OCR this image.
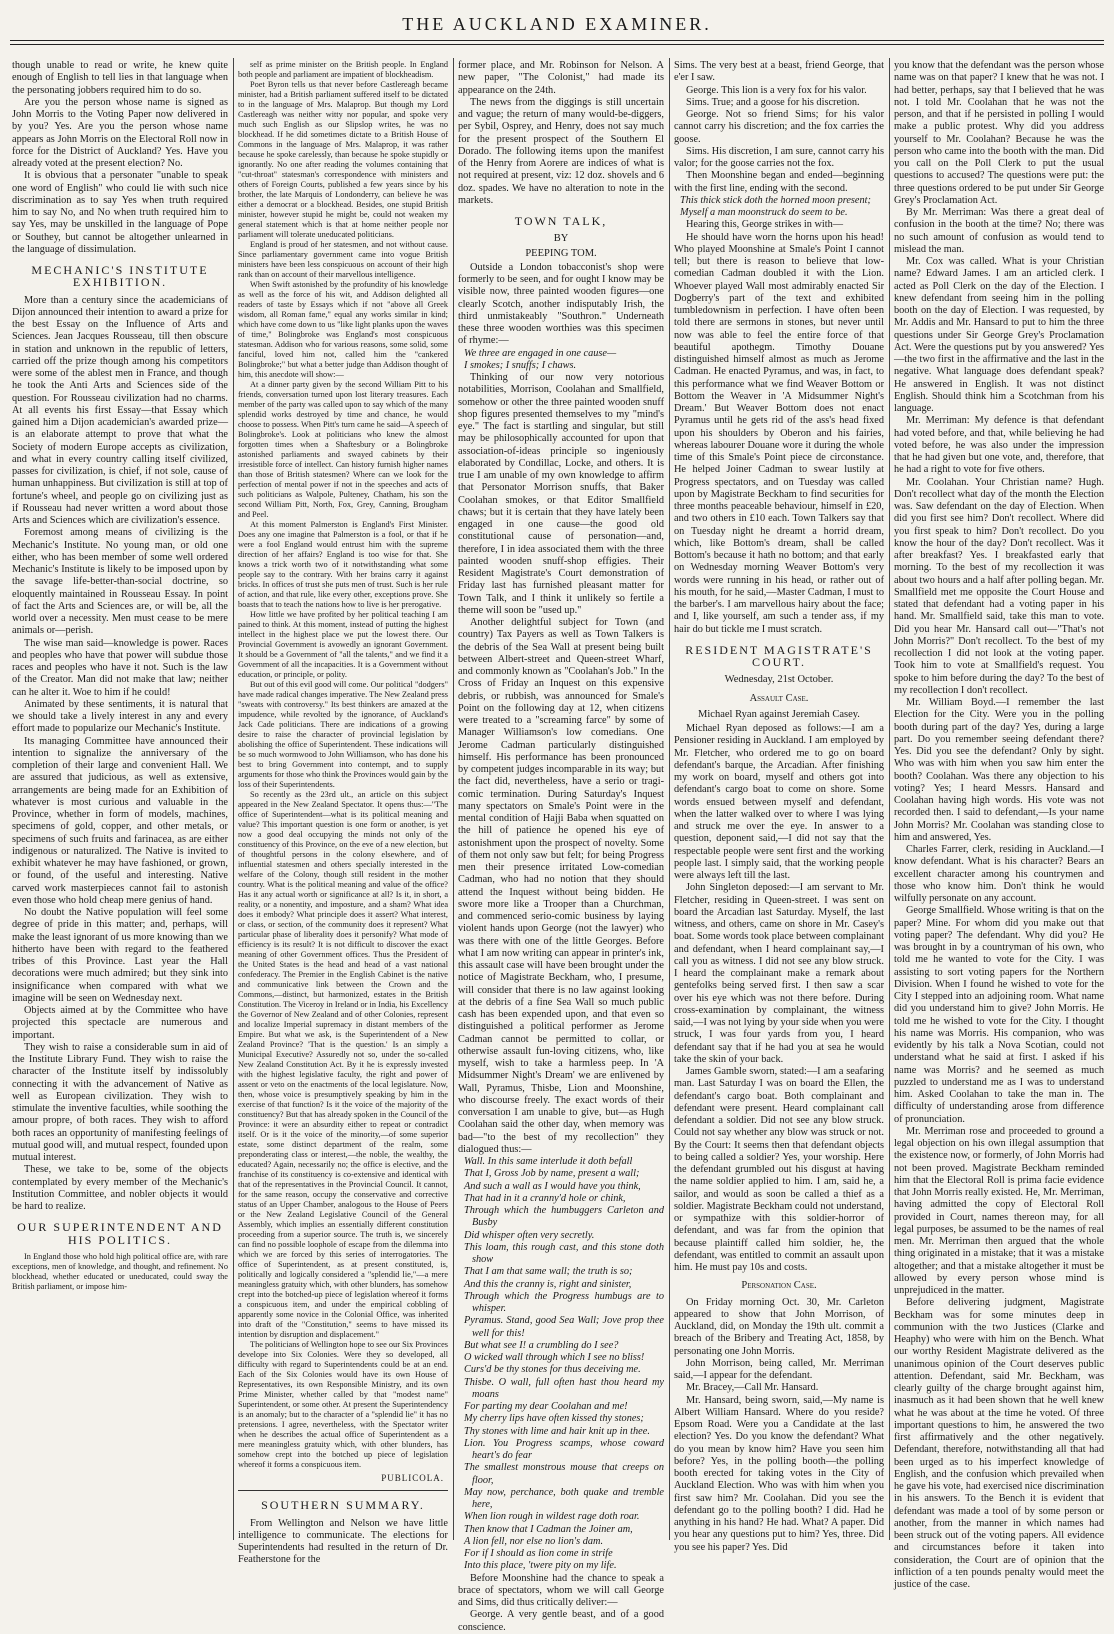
THE AUCKLAND EXAMINER.

though unable to read or write, he knew quite enough of English to tell lies in that language when the personating jobbers required him to do so.

Are you the person whose name is signed as John Morris to the Voting Paper now delivered in by you? Yes. Are you the person whose name appears as John Morris on the Electoral Roll now in force for the District of Auckland? Yes. Have you already voted at the present election? No.

It is obvious that a personater "unable to speak one word of English" who could lie with such nice discrimination as to say Yes when truth required him to say No, and No when truth required him to say Yes, may be unskilled in the language of Pope or Southey, but cannot be altogether unlearned in the language of dissimulation.

MECHANIC'S INSTITUTE EXHIBITION.

More than a century since the academicians of Dijon announced their intention to award a prize for the best Essay on the Influence of Arts and Sciences. Jean Jacques Rousseau, till then obscure in station and unknown in the republic of letters, carried off the prize though among his competitors were some of the ablest men in France, and though he took the Anti Arts and Sciences side of the question. For Rousseau civilization had no charms. At all events his first Essay—that Essay which gained him a Dijon academician's awarded prize—is an elaborate attempt to prove that what the Society of modern Europe accepts as civilization, and what in every country calling itself civilized, passes for civilization, is chief, if not sole, cause of human unhappiness. But civilization is still at top of fortune's wheel, and people go on civilizing just as if Rousseau had never written a word about those Arts and Sciences which are civilization's essence.

Foremost among means of civilizing is the Mechanic's Institute. No young man, or old one either, who has been member of some well ordered Mechanic's Institute is likely to be imposed upon by the savage life-better-than-social doctrine, so eloquently maintained in Rousseau Essay. In point of fact the Arts and Sciences are, or will be, all the world over a necessity. Men must cease to be mere animals or—perish.

The wise man said—knowledge is power. Races and peoples who have that power will subdue those races and peoples who have it not. Such is the law of the Creator. Man did not make that law; neither can he alter it. Woe to him if he could!

Animated by these sentiments, it is natural that we should take a lively interest in any and every effort made to popularize our Mechanic's Institute.

Its managing Committee have announced their intention to signalize the anniversary of the completion of their large and convenient Hall. We are assured that judicious, as well as extensive, arrangements are being made for an Exhibition of whatever is most curious and valuable in the Province, whether in form of models, machines, specimens of gold, copper, and other metals, or specimens of such fruits and farinacea, as are either indigenous or naturalized. The Native is invited to exhibit whatever he may have fashioned, or grown, or found, of the useful and interesting. Native carved work masterpieces cannot fail to astonish even those who hold cheap mere genius of hand.

No doubt the Native population will feel some degree of pride in this matter; and, perhaps, will make the least ignorant of us more knowing than we hitherto have been with regard to the feathered tribes of this Province. Last year the Hall decorations were much admired; but they sink into insignificance when compared with what we imagine will be seen on Wednesday next.

Objects aimed at by the Committee who have projected this spectacle are numerous and important.

They wish to raise a considerable sum in aid of the Institute Library Fund. They wish to raise the character of the Institute itself by indissolubly connecting it with the advancement of Native as well as European civilization. They wish to stimulate the inventive faculties, while soothing the amour propre, of both races. They wish to afford both races an opportunity of manifesting feelings of mutual good will, and mutual respect, founded upon mutual interest.

These, we take to be, some of the objects contemplated by every member of the Mechanic's Institution Committee, and nobler objects it would be hard to realize.

OUR SUPERINTENDENT AND HIS POLITICS.

In England those who hold high political office are, with rare exceptions, men of knowledge, and thought, and refinement. No blockhead, whether educated or uneducated, could sway the British parliament, or impose him-

self as prime minister on the British people. In England both people and parliament are impatient of blockheadism.

Poet Byron tells us that never before Castlereagh became minister, had a British parliament suffered itself to be dictated to in the language of Mrs. Malaprop. But though my Lord Castlereagh was neither witty nor popular, and spoke very much such English as our Slipslop writes, he was no blockhead. If he did sometimes dictate to a British House of Commons in the language of Mrs. Malaprop, it was rather because he spoke carelessly, than because he spoke stupidly or ignorantly. No one after reading the volumes containing that "cut-throat" statesman's correspondence with ministers and others of Foreign Courts, published a few years since by his brother, the late Marquis of Londonderry, can believe he was either a democrat or a blockhead. Besides, one stupid British minister, however stupid he might be, could not weaken my general statement which is that at home neither people nor parliament will tolerate uneducated politicians.

England is proud of her statesmen, and not without cause. Since parliamentary government came into vogue British ministers have been less conspicuous on account of their high rank than on account of their marvellous intelligence.

When Swift astonished by the profundity of his knowledge as well as the force of his wit, and Addison delighted all readers of taste by Essays which if not "above all Greek wisdom, all Roman fame," equal any works similar in kind; which have come down to us "like light planks upon the waves of time," Bolingbroke was England's most conspicuous statesman. Addison who for various reasons, some solid, some fanciful, loved him not, called him the "cankered Bolingbroke;" but what a better judge than Addison thought of him, this anecdote will show:—

At a dinner party given by the second William Pitt to his friends, conversation turned upon lost literary treasures. Each member of the party was called upon to say which of the many splendid works destroyed by time and chance, he would choose to possess. When Pitt's turn came he said—A speech of Bolingbroke's. Look at politicians who knew the almost forgotten times when a Shaftesbury or a Bolingbroke astonished parliaments and swayed cabinets by their irresistible force of intellect. Can history furnish higher names than those of British statesmen? Where can we look for the perfection of mental power if not in the speeches and acts of such politicians as Walpole, Pulteney, Chatham, his son the second William Pitt, North, Fox, Grey, Canning, Brougham and Peel.

At this moment Palmerston is England's First Minister. Does any one imagine that Palmerston is a fool, or that if he were a fool England would entrust him with the supreme direction of her affairs? England is too wise for that. She knows a trick worth two of it notwithstanding what some people say to the contrary. With her brains carry it against bricks. In offices of trust she puts men of trust. Such is her rule of action, and that rule, like every other, exceptions prove. She boasts that to teach the nations how to live is her prerogative.

How little we have profited by her political teaching I am pained to think. At this moment, instead of putting the highest intellect in the highest place we put the lowest there. Our Provincial Government is avowedly an ignorant Government. It should be a Government of "all the talents," and we find it a Government of all the incapacities. It is a Government without education, or principle, or polity.

But out of this evil good will come. Our political "dodgers" have made radical changes imperative. The New Zealand press "sweats with controversy." Its best thinkers are amazed at the impudence, while revolted by the ignorance, of Auckland's Jack Cade politicians. There are indications of a growing desire to raise the character of provincial legislation by abolishing the office of Superintendent. These indications will be so much wormwood to John Williamson, who has done his best to bring Government into contempt, and to supply arguments for those who think the Provinces would gain by the loss of their Superintendents.

So recently as the 23rd ult., an article on this subject appeared in the New Zealand Spectator. It opens thus:—"The office of Superintendent—what is its political meaning and value? This important question is one form or another, is yet now a good deal occupying the minds not only of the constituency of this Province, on the eve of a new election, but of thoughtful persons in the colony elsewhere, and of influential statesmen and others specially interested in the welfare of the Colony, though still resident in the mother country. What is the political meaning and value of the office? Has it any actual worth or significance at all? Is it, in short, a reality, or a nonentity, and imposture, and a sham? What idea does it embody? What principle does it assert? What interest, or class, or section, of the community does it represent? What particular phase of liberality does it personify? What mode of efficiency is its result? It is not difficult to discover the exact meaning of other Government offices. Thus the President of the United States is the head and head of a vast national confederacy. The Premier in the English Cabinet is the native and communicative link between the Crown and the Commons,—distinct, but harmonized, estates in the British Constitution. The Viceroy in Ireland or in India, his Excellency the Governor of New Zealand and of other Colonies, represent and localize Imperial supremacy in distant members of the Empire. But what we ask, is the Superintendent of a New Zealand Province? 'That is the question.' Is an simply a Municipal Executive? Assuredly not so, under the so-called New Zealand Constitution Act. By it he is expressly invested with the highest legislative faculty, the right and power of assent or veto on the enactments of the local legislature. Now, then, whose voice is presumptively speaking by him in the exercise of that function? Is it the voice of the majority of the constituency? But that has already spoken in the Council of the Province: it were an absurdity either to repeat or contradict itself. Or is it the voice of the minority,—of some superior estate, some distinct department of the realm, some preponderating class or interest,—the noble, the wealthy, the educated? Again, necessarily no; the office is elective, and the franchise of its constituency is co-extensive and identical with that of the representatives in the Provincial Council. It cannot, for the same reason, occupy the conservative and corrective status of an Upper Chamber, analogous to the House of Peers or the New Zealand Legislative Council of the General Assembly, which implies an essentially different constitution proceeding from a superior source. The truth is, we sincerely can find no possible loophole of escape from the dilemma into which we are forced by this series of interrogatories. The office of Superintendent, as at present constituted, is, politically and logically considered a "splendid lie,"—a mere meaningless gratuity which, with other blunders, has somehow crept into the botched-up piece of legislation whereof it forms a conspicuous item, and under the empirical cobbling of apparently some novice in the Colonial Office, was inherited into draft of the "Constitution," seems to have missed its intention by disruption and displacement."

The politicians of Wellington hope to see our Six Provinces develope into Six Colonies. Were they so developed, all difficulty with regard to Superintendents could be at an end. Each of the Six Colonies would have its own House of Representatives, its own Responsible Ministry, and its own Prime Minister, whether called by that "modest name" Superintendent, or some other. At present the Superintendency is an anomaly; but to the character of a "splendid lie" it has no pretensions. I agree, nevertheless, with the Spectator writer when he describes the actual office of Superintendent as a mere meaningless gratuity which, with other blunders, has somehow crept into the botched up piece of legislation whereof it forms a conspicuous item.

PUBLICOLA.
SOUTHERN SUMMARY.

From Wellington and Nelson we have little intelligence to communicate. The elections for Superintendents had resulted in the return of Dr. Featherstone for the

former place, and Mr. Robinson for Nelson. A new paper, "The Colonist," had made its appearance on the 24th.

The news from the diggings is still uncertain and vague; the return of many would-be-diggers, per Sybil, Osprey, and Henry, does not say much for the present prospect of the Southern El Dorado. The following items upon the manifest of the Henry from Aorere are indices of what is not required at present, viz: 12 doz. shovels and 6 doz. spades. We have no alteration to note in the markets.

TOWN TALK,
BY
PEEPING TOM.

Outside a London tobacconist's shop were formerly to be seen, and for ought I know may be visible now, three painted wooden figures—one clearly Scotch, another indisputably Irish, the third unmistakeably "Southron." Underneath these three wooden worthies was this specimen of rhyme:—

We three are engaged in one cause—

I smokes; I snuffs; I chaws.

Thinking of our now very notorious notabilities, Morrison, Coolahan and Smallfield, somehow or other the three painted wooden snuff shop figures presented themselves to my "mind's eye." The fact is startling and singular, but still may be philosophically accounted for upon that association-of-ideas principle so ingeniously elaborated by Condillac, Locke, and others. It is true I am unable of my own knowledge to affirm that Personator Morrison snuffs, that Baker Coolahan smokes, or that Editor Smallfield chaws; but it is certain that they have lately been engaged in one cause—the good old constitutional cause of personation—and, therefore, I in idea associated them with the three painted wooden snuff-shop effigies. Their Resident Magistrate's Court demonstration of Friday last has furnished pleasant matter for Town Talk, and I think it unlikely so fertile a theme will soon be "used up."

Another delightful subject for Town (and country) Tax Payers as well as Town Talkers is the debris of the Sea Wall at present being built between Albert-street and Queen-street Wharf, and commonly known as "Coolahan's Job." In the Cross of Friday an Inquest on this expensive debris, or rubbish, was announced for Smale's Point on the following day at 12, when citizens were treated to a "screaming farce" by some of Manager Williamson's low comedians. One Jerome Cadman particularly distinguished himself. His performance has been pronounced by competent judges incomparable in its way; but the fact did, nevertheless, have a serio or tragi-comic termination. During Saturday's Inquest many spectators on Smale's Point were in the mental condition of Hajji Baba when squatted on the hill of patience he opened his eye of astonishment upon the prospect of novelty. Some of them not only saw but felt; for being Progress men their presence irritated Low-comedian Cadman, who had no notion that they should attend the Inquest without being bidden. He swore more like a Trooper than a Churchman, and commenced serio-comic business by laying violent hands upon George (not the lawyer) who was there with one of the little Georges. Before what I am now writing can appear in printer's ink, this assault case will have been brought under the notice of Magistrate Beckham, who, I presume, will consider that there is no law against looking at the debris of a fine Sea Wall so much public cash has been expended upon, and that even so distinguished a political performer as Jerome Cadman cannot be permitted to collar, or otherwise assault fun-loving citizens, who, like myself, wish to take a harmless peep. In 'A Midsummer Night's Dream' we are enlivened by Wall, Pyramus, Thisbe, Lion and Moonshine, who discourse freely. The exact words of their conversation I am unable to give, but—as Hugh Coolahan said the other day, when memory was bad—"to the best of my recollection" they dialogued thus:—

Wall. In this same interlude it doth befall

That I, Gross Job by name, present a wall;

And such a wall as I would have you think,

That had in it a cranny'd hole or chink,

Through which the humbuggers Carleton and Busby

Did whisper often very secretly.

This loam, this rough cast, and this stone doth show

That I am that same wall; the truth is so;

And this the cranny is, right and sinister,

Through which the Progress humbugs are to whisper.

Pyramus. Stand, good Sea Wall; Jove prop thee well for this!

But what see I! a crumbling do I see?

O wicked wall through which I see no bliss!

Curs'd be thy stones for thus deceiving me.

Thisbe. O wall, full often hast thou heard my moans

For parting my dear Coolahan and me!

My cherry lips have often kissed thy stones;

Thy stones with lime and hair knit up in thee.

Lion. You Progress scamps, whose coward heart's do fear

The smallest monstrous mouse that creeps on floor,

May now, perchance, both quake and tremble here,

When lion rough in wildest rage doth roar.

Then know that I Cadman the Joiner am,

A lion fell, nor else no lion's dam.

For if I should as lion come in strife

Into this place, 'twere pity on my life.

Before Moonshine had the chance to speak a brace of spectators, whom we will call George and Sims, did thus critically deliver:—

George. A very gentle beast, and of a good conscience.

Sims. The very best at a beast, friend George, that e'er I saw.

George. This lion is a very fox for his valor.

Sims. True; and a goose for his discretion.

George. Not so friend Sims; for his valor cannot carry his discretion; and the fox carries the goose.

Sims. His discretion, I am sure, cannot carry his valor; for the goose carries not the fox.

Then Moonshine began and ended—beginning with the first line, ending with the second.

This thick stick doth the horned moon present;

Myself a man moonstruck do seem to be.

Hearing this, George strikes in with—

He should have worn the horns upon his head! Who played Moonshine at Smale's Point I cannot tell; but there is reason to believe that low-comedian Cadman doubled it with the Lion. Whoever played Wall most admirably enacted Sir Dogberry's part of the text and exhibited tumbledownism in perfection. I have often been told there are sermons in stones, but never until now was able to feel the entire force of that beautiful apothegm. Timothy Douane distinguished himself almost as much as Jerome Cadman. He enacted Pyramus, and was, in fact, to this performance what we find Weaver Bottom or Bottom the Weaver in 'A Midsummer Night's Dream.' But Weaver Bottom does not enact Pyramus until he gets rid of the ass's head fixed upon his shoulders by Oberon and his fairies, whereas labourer Douane wore it during the whole time of this Smale's Point piece de circonstance. He helped Joiner Cadman to swear lustily at Progress spectators, and on Tuesday was called upon by Magistrate Beckham to find securities for three months peaceable behaviour, himself in £20, and two others in £10 each. Town Talkers say that on Tuesday night he dreamt a horrid dream, which, like Bottom's dream, shall be called Bottom's because it hath no bottom; and that early on Wednesday morning Weaver Bottom's very words were running in his head, or rather out of his mouth, for he said,—Master Cadman, I must to the barber's. I am marvellous hairy about the face; and I, like yourself, am such a tender ass, if my hair do but tickle me I must scratch.

RESIDENT MAGISTRATE'S COURT.
Wednesday, 21st October.
Assault Case.
Michael Ryan against Jeremiah Casey.

Michael Ryan deposed as follows:—I am a Pensioner residing in Auckland. I am employed by Mr. Fletcher, who ordered me to go on board defendant's barque, the Arcadian. After finishing my work on board, myself and others got into defendant's cargo boat to come on shore. Some words ensued between myself and defendant, when the latter walked over to where I was lying and struck me over the eye. In answer to a question, deponent said,—I did not say that the respectable people were sent first and the working people last. I simply said, that the working people were always left till the last.

John Singleton deposed:—I am servant to Mr. Fletcher, residing in Queen-street. I was sent on board the Arcadian last Saturday. Myself, the last witness, and others, came on shore in Mr. Casey's boat. Some words took place between complainant and defendant, when I heard complainant say,—I call you as witness. I did not see any blow struck. I heard the complainant make a remark about gentefolks being served first. I then saw a scar over his eye which was not there before. During cross-examination by complainant, the witness said,—I was not lying by your side when you were struck, I was four yards from you, I heard defendant say that if he had you at sea he would take the skin of your back.

James Gamble sworn, stated:—I am a seafaring man. Last Saturday I was on board the Ellen, the defendant's cargo boat. Both complainant and defendant were present. Heard complainant call defendant a soldier. Did not see any blow struck. Could not say whether any blow was struck or not. By the Court: It seems then that defendant objects to being called a soldier? Yes, your worship. Here the defendant grumbled out his disgust at having the name soldier applied to him. I am, said he, a sailor, and would as soon be called a thief as a soldier. Magistrate Beckham could not understand, or sympathize with this soldier-horror of defendant, and was far from the opinion that because plaintiff called him soldier, he, the defendant, was entitled to commit an assault upon him. He must pay 10s and costs.

Personation Case.

On Friday morning Oct. 30, Mr. Carleton appeared to show that John Morrison, of Auckland, did, on Monday the 19th ult. commit a breach of the Bribery and Treating Act, 1858, by personating one John Morris.

John Morrison, being called, Mr. Merriman said,—I appear for the defendant.

Mr. Bracey,—Call Mr. Hansard.

Mr. Hansard, being sworn, said,—My name is Albert William Hansard. Where do you reside? Epsom Road. Were you a Candidate at the last election? Yes. Do you know the defendant? What do you mean by know him? Have you seen him before? Yes, in the polling booth—the polling booth erected for taking votes in the City of Auckland Election. Who was with him when you first saw him? Mr. Coolahan. Did you see the defendant go to the polling booth? I did. Had he anything in his hand? He had. What? A paper. Did you hear any questions put to him? Yes, three. Did you see his paper? Yes. Did

you know that the defendant was the person whose name was on that paper? I knew that he was not. I had better, perhaps, say that I believed that he was not. I told Mr. Coolahan that he was not the person, and that if he persisted in polling I would make a public protest. Why did you address yourself to Mr. Coolahan? Because he was the person who came into the booth with the man. Did you call on the Poll Clerk to put the usual questions to accused? The questions were put: the three questions ordered to be put under Sir George Grey's Proclamation Act.

By Mr. Merriman: Was there a great deal of confusion in the booth at the time? No; there was no such amount of confusion as would tend to mislead the man.

Mr. Cox was called. What is your Christian name? Edward James. I am an articled clerk. I acted as Poll Clerk on the day of the Election. I knew defendant from seeing him in the polling booth on the day of Election. I was requested, by Mr. Addis and Mr. Hansard to put to him the three questions under Sir George Grey's Proclamation Act. Were the questions put by you answered? Yes—the two first in the affirmative and the last in the negative. What language does defendant speak? He answered in English. It was not distinct English. Should think him a Scotchman from his language.

Mr. Merriman: My defence is that defendant had voted before, and that, while believing he had voted before, he was also under the impression that he had given but one vote, and, therefore, that he had a right to vote for five others.

Mr. Coolahan. Your Christian name? Hugh. Don't recollect what day of the month the Election was. Saw defendant on the day of Election. When did you first see him? Don't recollect. Where did you first speak to him? Don't recollect. Do you know the hour of the day? Don't recollect. Was it after breakfast? Yes. I breakfasted early that morning. To the best of my recollection it was about two hours and a half after polling began. Mr. Smallfield met me opposite the Court House and stated that defendant had a voting paper in his hand. Mr. Smallfield said, take this man to vote. Did you hear Mr. Hansard call out—"That's not John Morris?" Don't recollect. To the best of my recollection I did not look at the voting paper. Took him to vote at Smallfield's request. You spoke to him before during the day? To the best of my recollection I don't recollect.

Mr. William Boyd.—I remember the last Election for the City. Were you in the polling booth during part of the day? Yes, during a large part. Do you remember seeing defendant there? Yes. Did you see the defendant? Only by sight. Who was with him when you saw him enter the booth? Coolahan. Was there any objection to his voting? Yes; I heard Messrs. Hansard and Coolahan having high words. His vote was not recorded then. I said to defendant,—Is your name John Morris? Mr. Coolahan was standing close to him and answered, Yes.

Charles Farrer, clerk, residing in Auckland.—I know defendant. What is his character? Bears an excellent character among his countrymen and those who know him. Don't think he would wilfully personate on any account.

George Smallfield. Whose writing is that on the paper? Mine. For whom did you make out that voting paper? The defendant. Why did you? He was brought in by a countryman of his own, who told me he wanted to vote for the City. I was assisting to sort voting papers for the Northern Division. When I found he wished to vote for the City I stepped into an adjoining room. What name did you understand him to give? John Morris. He told me he wished to vote for the City. I thought his name was Morris. His companion, who was evidently by his talk a Nova Scotian, could not understand what he said at first. I asked if his name was Morris? and he seemed as much puzzled to understand me as I was to understand him. Asked Coolahan to take the man in. The difficulty of understanding arose from difference of pronunciation.

Mr. Merriman rose and proceeded to ground a legal objection on his own illegal assumption that the existence now, or formerly, of John Morris had not been proved. Magistrate Beckham reminded him that the Electoral Roll is prima facie evidence that John Morris really existed. He, Mr. Merriman, having admitted the copy of Electoral Roll provided in Court, names thereon may, for all legal purposes, be assumed to be the names of real men. Mr. Merriman then argued that the whole thing originated in a mistake; that it was a mistake altogether; and that a mistake altogether it must be allowed by every person whose mind is unprejudiced in the matter.

Before delivering judgment, Magistrate Beckham was for some minutes deep in communion with the two Justices (Clarke and Heaphy) who were with him on the Bench. What our worthy Resident Magistrate delivered as the unanimous opinion of the Court deserves public attention. Defendant, said Mr. Beckham, was clearly guilty of the charge brought against him, inasmuch as it had been shown that he well knew what he was about at the time he voted. Of three important questions to him, he answered the two first affirmatively and the other negatively. Defendant, therefore, notwithstanding all that had been urged as to his imperfect knowledge of English, and the confusion which prevailed when he gave his vote, had exercised nice discrimination in his answers. To the Bench it is evident that defendant was made a tool of by some person or another, from the manner in which names had been struck out of the voting papers. All evidence and circumstances before it taken into consideration, the Court are of opinion that the infliction of a ten pounds penalty would meet the justice of the case.
